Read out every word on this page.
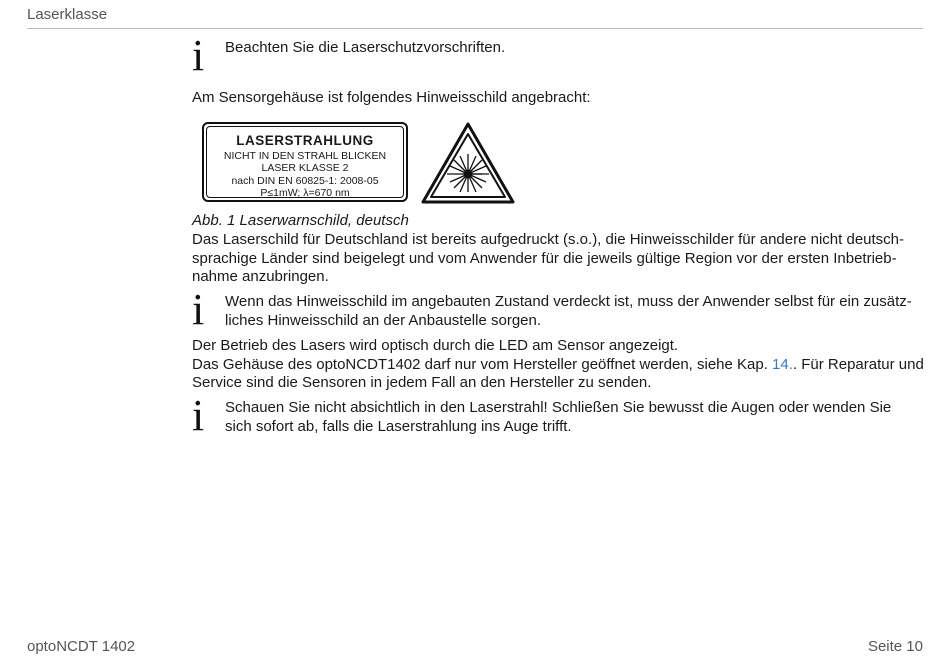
Laserklasse
i Beachten Sie die Laserschutzvorschriften.
Am Sensorgehäuse ist folgendes Hinweisschild angebracht:
LASERSTRAHLUNG
NICHT IN DEN STRAHL BLICKEN
LASER KLASSE 2
nach DIN EN 60825-1: 2008-05
P≤1mW; λ=670 nm
Abb. 1 Laserwarnschild, deutsch
Das Laserschild für Deutschland ist bereits aufgedruckt (s.o.), die Hinweisschilder für andere nicht deutsch-
sprachige Länder sind beigelegt und vom Anwender für die jeweils gültige Region vor der ersten Inbetrieb-
nahme anzubringen.
i Wenn das Hinweisschild im angebauten Zustand verdeckt ist, muss der Anwender selbst für ein zusätz-
liches Hinweisschild an der Anbaustelle sorgen.
Der Betrieb des Lasers wird optisch durch die LED am Sensor angezeigt.
Das Gehäuse des optoNCDT1402 darf nur vom Hersteller geöffnet werden, siehe Kap. 14.. Für Reparatur und
Service sind die Sensoren in jedem Fall an den Hersteller zu senden.
i Schauen Sie nicht absichtlich in den Laserstrahl! Schließen Sie bewusst die Augen oder wenden Sie
sich sofort ab, falls die Laserstrahlung ins Auge trifft.
optoNCDT 1402	Seite 10
